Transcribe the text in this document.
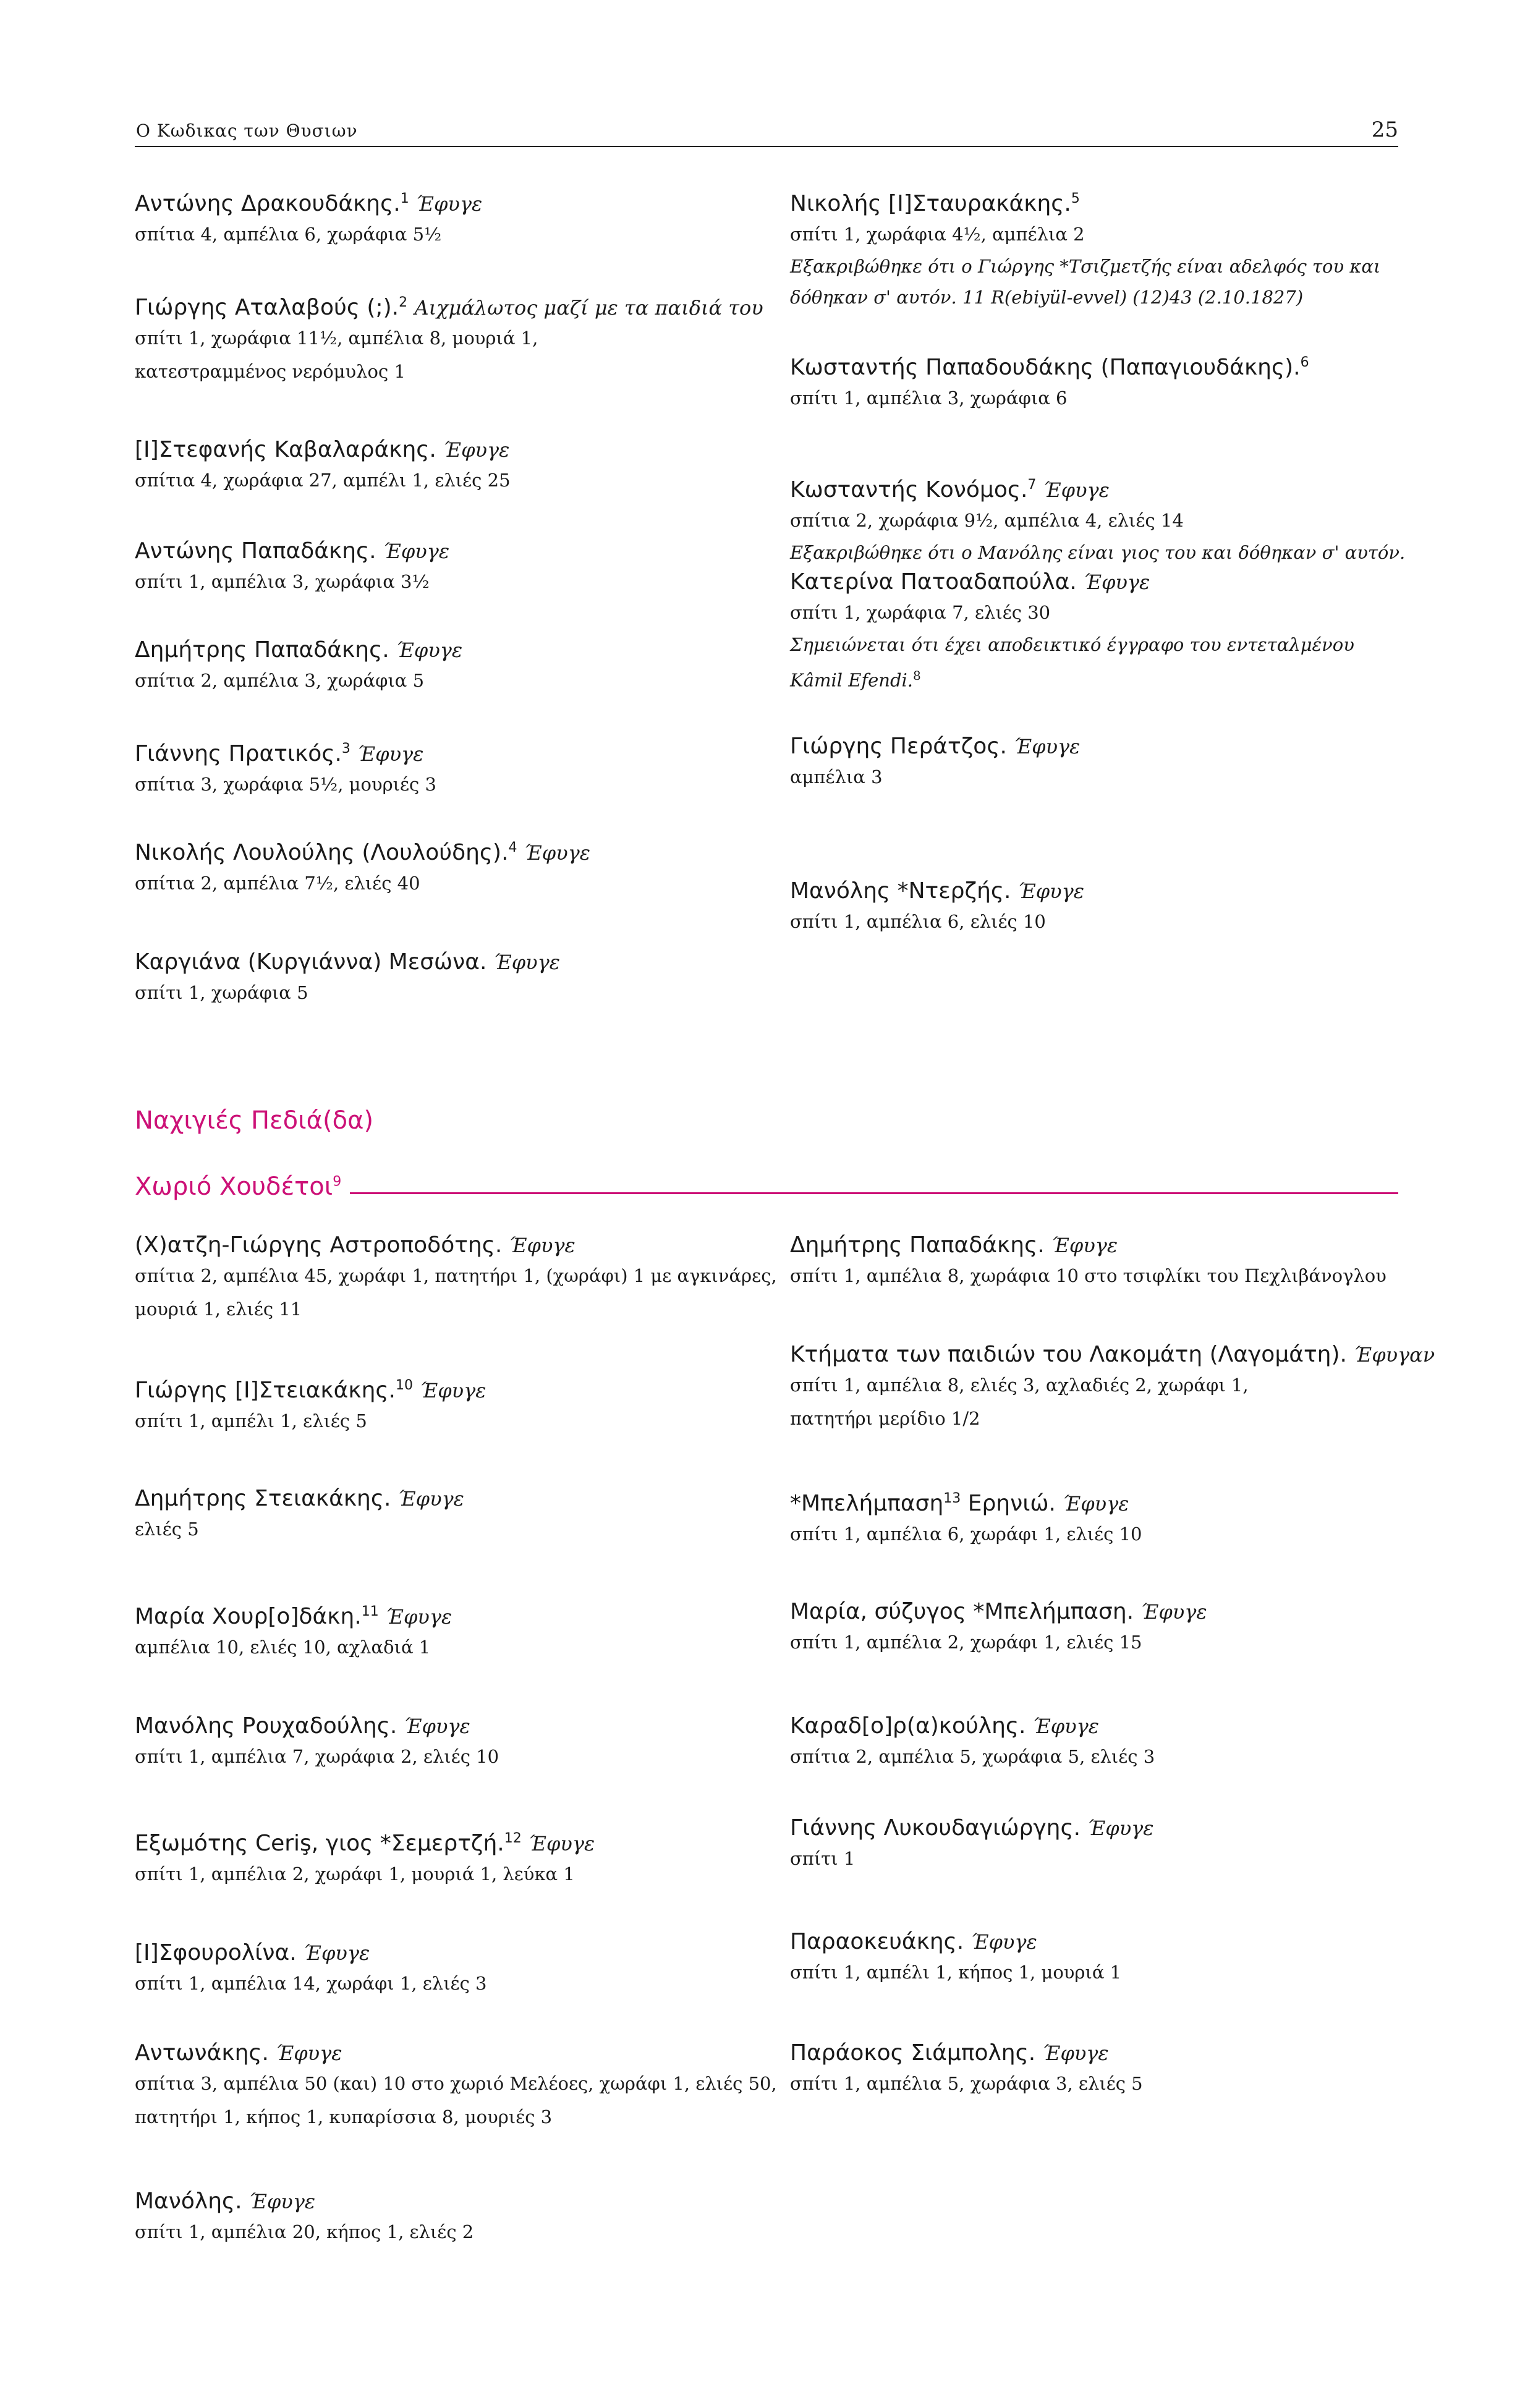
Ο Κωδικας των Θυσιων	25
Αντώνης Δρακουδάκης.$^1$ Έφυγε
σπίτια 4, αμπέλια 6, χωράφια 5½
Γιώργης Αταλαβούς (;).$^2$ Αιχμάλωτος μαζί με τα παιδιά του
σπίτι 1, χωράφια 11½, αμπέλια 8, μουριά 1,
κατεστραμμένος νερόμυλος 1
[Ι]Στεφανής Καβαλαράκης. Έφυγε
σπίτια 4, χωράφια 27, αμπέλι 1, ελιές 25
Αντώνης Παπαδάκης. Έφυγε
σπίτι 1, αμπέλια 3, χωράφια 3½
Δημήτρης Παπαδάκης. Έφυγε
σπίτια 2, αμπέλια 3, χωράφια 5
Γιάννης Πρατικός.$^3$ Έφυγε
σπίτια 3, χωράφια 5½, μουριές 3
Νικολής Λουλούλης (Λουλούδης).$^4$ Έφυγε
σπίτια 2, αμπέλια 7½, ελιές 40
Καργιάνα (Κυργιάννα) Μεσώνα. Έφυγε
σπίτι 1, χωράφια 5
Νικολής [Ι]Σταυρακάκης.$^5$
σπίτι 1, χωράφια 4½, αμπέλια 2
Εξακριβώθηκε ότι ο Γιώργης *Τσιζμετζής είναι αδελφός του και δόθηκαν σ' αυτόν. 11 R(ebiyül-evvel) (12)43 (2.10.1827)
Κωσταντής Παπαδουδάκης (Παπαγιουδάκης).$^6$
σπίτι 1, αμπέλια 3, χωράφια 6
Κωσταντής Κονόμος.$^7$ Έφυγε
σπίτια 2, χωράφια 9½, αμπέλια 4, ελιές 14
Εξακριβώθηκε ότι ο Μανόλης είναι γιος του και δόθηκαν σ' αυτόν.
Κατερίνα Πατοαδαπούλα. Έφυγε
σπίτι 1, χωράφια 7, ελιές 30
Σημειώνεται ότι έχει αποδεικτικό έγγραφο του εντεταλμένου Kâmil Efendi.$^8$
Γιώργης Περάτζος. Έφυγε
αμπέλια 3
Μανόλης *Ντερζής. Έφυγε
σπίτι 1, αμπέλια 6, ελιές 10
Ναχιγιές Πεδιά(δα)
Χωριό Χουδέτοι$^9$
(Χ)ατζη-Γιώργης Αστροποδότης. Έφυγε
σπίτια 2, αμπέλια 45, χωράφι 1, πατητήρι 1, (χωράφι) 1 με αγκινάρες,
μουριά 1, ελιές 11
Γιώργης [Ι]Στειακάκης.$^{10}$ Έφυγε
σπίτι 1, αμπέλι 1, ελιές 5
Δημήτρης Στειακάκης. Έφυγε
ελιές 5
Μαρία Χουρ[ο]δάκη.$^{11}$ Έφυγε
αμπέλια 10, ελιές 10, αχλαδιά 1
Μανόλης Ρουχαδούλης. Έφυγε
σπίτι 1, αμπέλια 7, χωράφια 2, ελιές 10
Εξωμότης Ceriş, γιος *Σεμερτζή.$^{12}$ Έφυγε
σπίτι 1, αμπέλια 2, χωράφι 1, μουριά 1, λεύκα 1
[Ι]Σφουρολίνα. Έφυγε
σπίτι 1, αμπέλια 14, χωράφι 1, ελιές 3
Αντωνάκης. Έφυγε
σπίτια 3, αμπέλια 50 (και) 10 στο χωριό Μελέοες, χωράφι 1, ελιές 50,
πατητήρι 1, κήπος 1, κυπαρίσσια 8, μουριές 3
Μανόλης. Έφυγε
σπίτι 1, αμπέλια 20, κήπος 1, ελιές 2
Δημήτρης Παπαδάκης. Έφυγε
σπίτι 1, αμπέλια 8, χωράφια 10 στο τσιφλίκι του Πεχλιβάνογλου
Κτήματα των παιδιών του Λακομάτη (Λαγομάτη). Έφυγαν
σπίτι 1, αμπέλια 8, ελιές 3, αχλαδιές 2, χωράφι 1,
πατητήρι μερίδιο 1/2
*Μπελήμπαση$^{13}$ Ερηνιώ. Έφυγε
σπίτι 1, αμπέλια 6, χωράφι 1, ελιές 10
Μαρία, σύζυγος *Μπελήμπαση. Έφυγε
σπίτι 1, αμπέλια 2, χωράφι 1, ελιές 15
Καραδ[ο]ρ(α)κούλης. Έφυγε
σπίτια 2, αμπέλια 5, χωράφια 5, ελιές 3
Γιάννης Λυκουδαγιώργης. Έφυγε
σπίτι 1
Παραοκευάκης. Έφυγε
σπίτι 1, αμπέλι 1, κήπος 1, μουριά 1
Παράοκος Σιάμπολης. Έφυγε
σπίτι 1, αμπέλια 5, χωράφια 3, ελιές 5
